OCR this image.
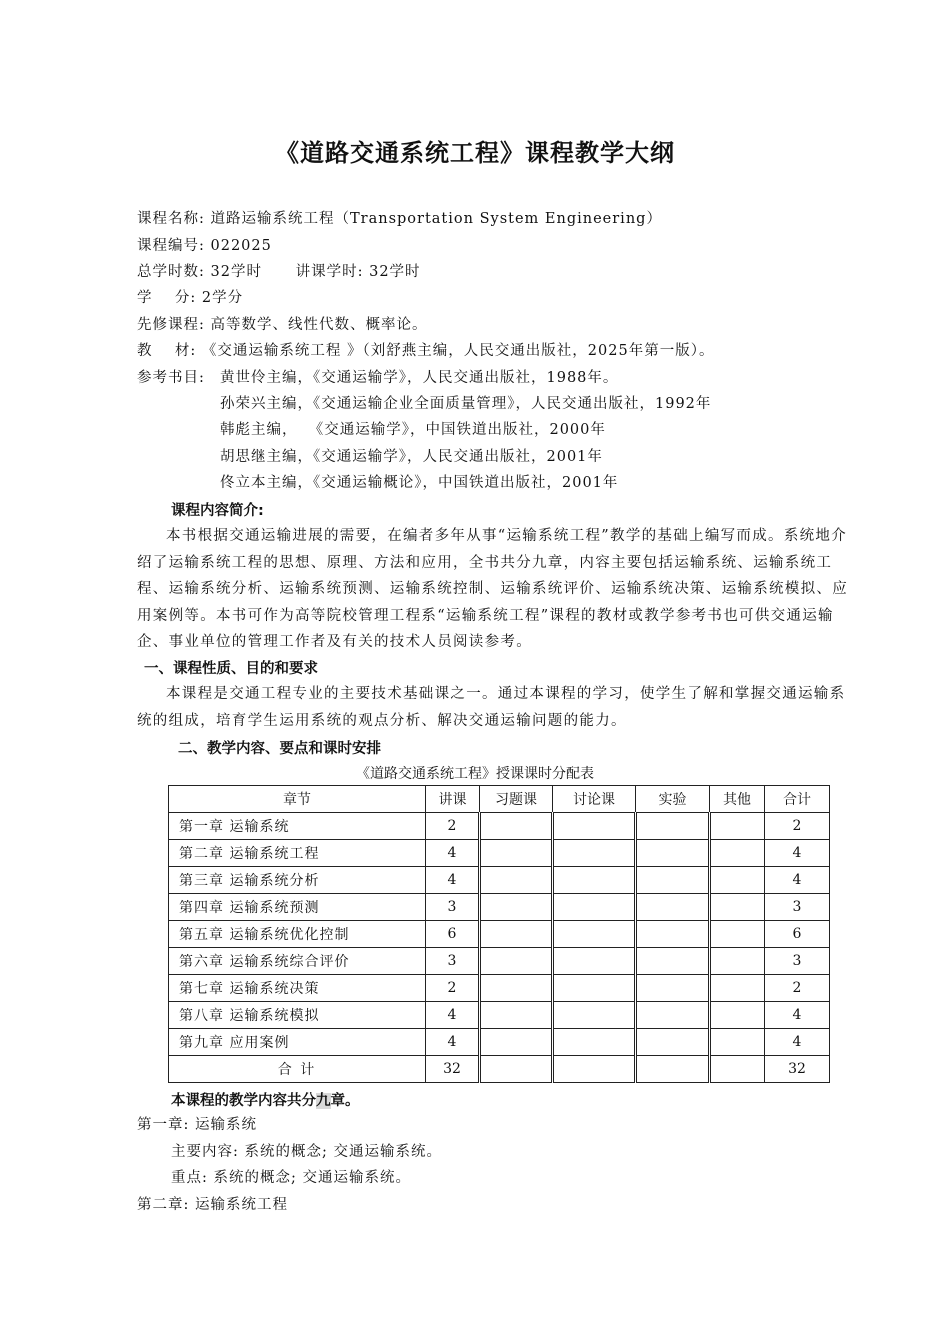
《道路交通系统工程》课程教学大纲
课程名称: 道路运输系统工程（Transportation System Engineering）
课程编号: 022025
总学时数: 32学时      讲课学时: 32学时
学    分: 2学分
先修课程: 高等数学、线性代数、概率论。
教    材: 《交通运输系统工程 》（刘舒燕主编，人民交通出版社，2025年第一版）。
参考书目: 黄世伶主编，《交通运输学》，人民交通出版社，1988年。
孙荣兴主编，《交通运输企业全面质量管理》，人民交通出版社，1992年
韩彪主编，  《交通运输学》，中国铁道出版社，2000年
胡思继主编，《交通运输学》，人民交通出版社，2001年
佟立本主编，《交通运输概论》，中国铁道出版社，2001年
课程内容简介:
本书根据交通运输进展的需要，在编者多年从事“运输系统工程”教学的基础上编写而成。系统地介绍了运输系统工程的思想、原理、方法和应用，全书共分九章，内容主要包括运输系统、运输系统工程、运输系统分析、运输系统预测、运输系统控制、运输系统评价、运输系统决策、运输系统模拟、应用案例等。本书可作为高等院校管理工程系“运输系统工程”课程的教材或教学参考书也可供交通运输企、事业单位的管理工作者及有关的技术人员阅读参考。
一、课程性质、目的和要求
本课程是交通工程专业的主要技术基础课之一。通过本课程的学习，使学生了解和掌握交通运输系统的组成，培育学生运用系统的观点分析、解决交通运输问题的能力。
二、教学内容、要点和课时安排
《道路交通系统工程》授课课时分配表
章节	讲课	习题课	讨论课	实验	其他	合计
第一章 运输系统	2					2
第二章 运输系统工程	4					4
第三章 运输系统分析	4					4
第四章 运输系统预测	3					3
第五章 运输系统优化控制	6					6
第六章 运输系统综合评价	3					3
第七章 运输系统决策	2					2
第八章 运输系统模拟	4					4
第九章 应用案例	4					4
合 计	32					32
本课程的教学内容共分九章。
第一章: 运输系统
主要内容: 系统的概念; 交通运输系统。
重点: 系统的概念; 交通运输系统。
第二章: 运输系统工程
